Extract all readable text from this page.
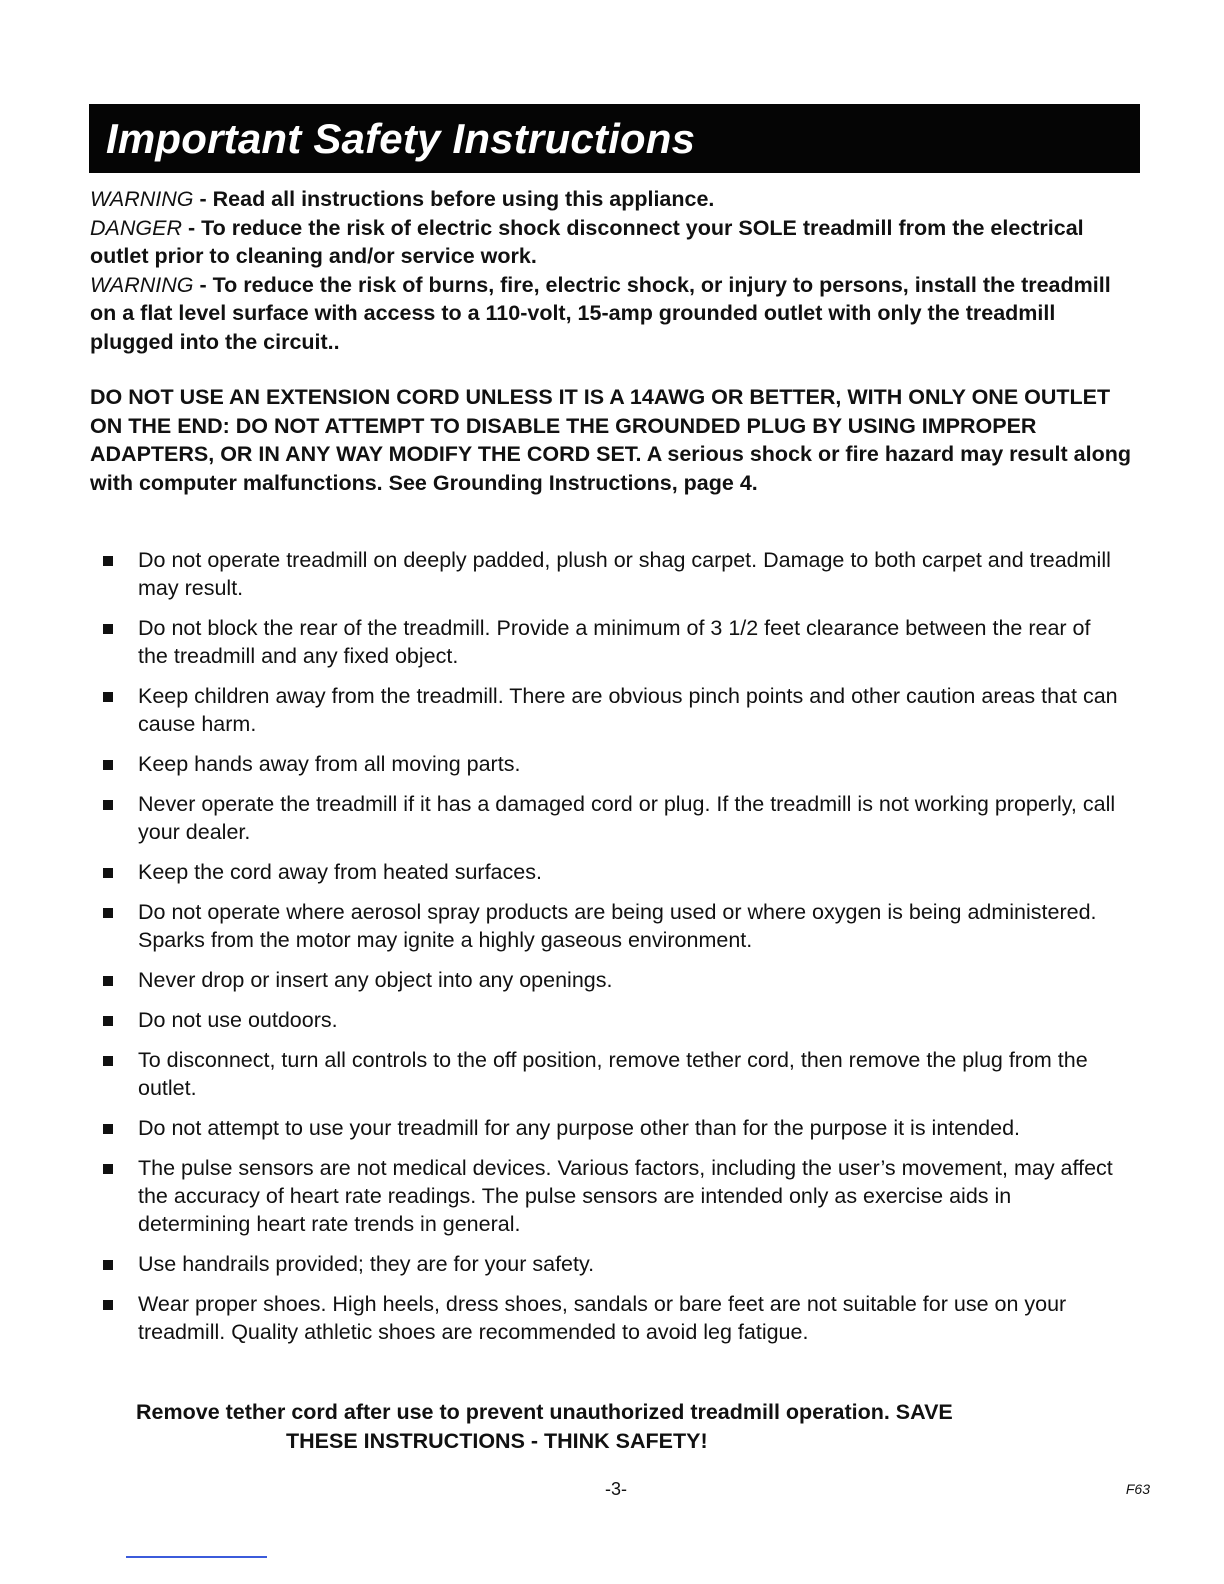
Important Safety Instructions

WARNING - Read all instructions before using this appliance.

DANGER - To reduce the risk of electric shock disconnect your SOLE treadmill from the electrical outlet prior to cleaning and/or service work.

WARNING - To reduce the risk of burns, fire, electric shock, or injury to persons, install the treadmill on a flat level surface with access to a 110-volt, 15-amp grounded outlet with only the treadmill plugged into the circuit..

DO NOT USE AN EXTENSION CORD UNLESS IT IS A 14AWG OR BETTER, WITH ONLY ONE OUTLET ON THE END: DO NOT ATTEMPT TO DISABLE THE GROUNDED PLUG BY USING IMPROPER ADAPTERS, OR IN ANY WAY MODIFY THE CORD SET. A serious shock or fire hazard may result along with computer malfunctions. See Grounding Instructions, page 4.
Do not operate treadmill on deeply padded, plush or shag carpet. Damage to both carpet and treadmill may result.
Do not block the rear of the treadmill. Provide a minimum of 3 1/2 feet clearance between the rear of the treadmill and any fixed object.
Keep children away from the treadmill. There are obvious pinch points and other caution areas that can cause harm.
Keep hands away from all moving parts.
Never operate the treadmill if it has a damaged cord or plug. If the treadmill is not working properly, call your dealer.
Keep the cord away from heated surfaces.
Do not operate where aerosol spray products are being used or where oxygen is being administered. Sparks from the motor may ignite a highly gaseous environment.
Never drop or insert any object into any openings.
Do not use outdoors.
To disconnect, turn all controls to the off position, remove tether cord, then remove the plug from the outlet.
Do not attempt to use your treadmill for any purpose other than for the purpose it is intended.
The pulse sensors are not medical devices. Various factors, including the user’s movement, may affect the accuracy of heart rate readings. The pulse sensors are intended only as exercise aids in determining heart rate trends in general.
Use handrails provided; they are for your safety.
Wear proper shoes. High heels, dress shoes, sandals or bare feet are not suitable for use on your treadmill. Quality athletic shoes are recommended to avoid leg fatigue.
Remove tether cord after use to prevent unauthorized treadmill operation. SAVE
THESE INSTRUCTIONS - THINK SAFETY!
-3-	F63
